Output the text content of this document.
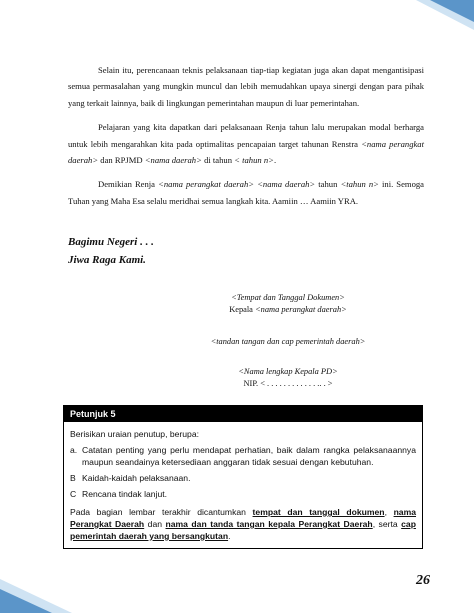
Selain itu, perencanaan teknis pelaksanaan tiap-tiap kegiatan juga akan dapat mengantisipasi semua permasalahan yang mungkin muncul dan lebih memudahkan upaya sinergi dengan para pihak yang terkait lainnya, baik di lingkungan pemerintahan maupun di luar pemerintahan.

Pelajaran yang kita dapatkan dari pelaksanaan Renja tahun lalu merupakan modal berharga untuk lebih mengarahkan kita pada optimalitas pencapaian target tahunan Renstra <nama perangkat daerah> dan RPJMD <nama daerah> di tahun < tahun n>.

Demikian Renja <nama perangkat daerah> <nama daerah> tahun <tahun n> ini. Semoga Tuhan yang Maha Esa selalu meridhai semua langkah kita. Aamiin … Aamiin YRA.

Bagimu Negeri . . .
Jiwa Raga Kami.
<Tempat dan Tanggal Dokumen>
Kepala <nama perangkat daerah>
<tandan tangan dan cap pemerintah daerah>
<Nama lengkap Kepala PD>
NIP. < . . . . . . . . . . . . .. . >
Petunjuk 5
Berisikan uraian penutup, berupa:
a. Catatan penting yang perlu mendapat perhatian, baik dalam rangka pelaksanaannya maupun seandainya ketersediaan anggaran tidak sesuai dengan kebutuhan.
B Kaidah-kaidah pelaksanaan.
C Rencana tindak lanjut.
Pada bagian lembar terakhir dicantumkan tempat dan tanggal dokumen, nama Perangkat Daerah dan nama dan tanda tangan kepala Perangkat Daerah, serta cap pemerintah daerah yang bersangkutan.
26
